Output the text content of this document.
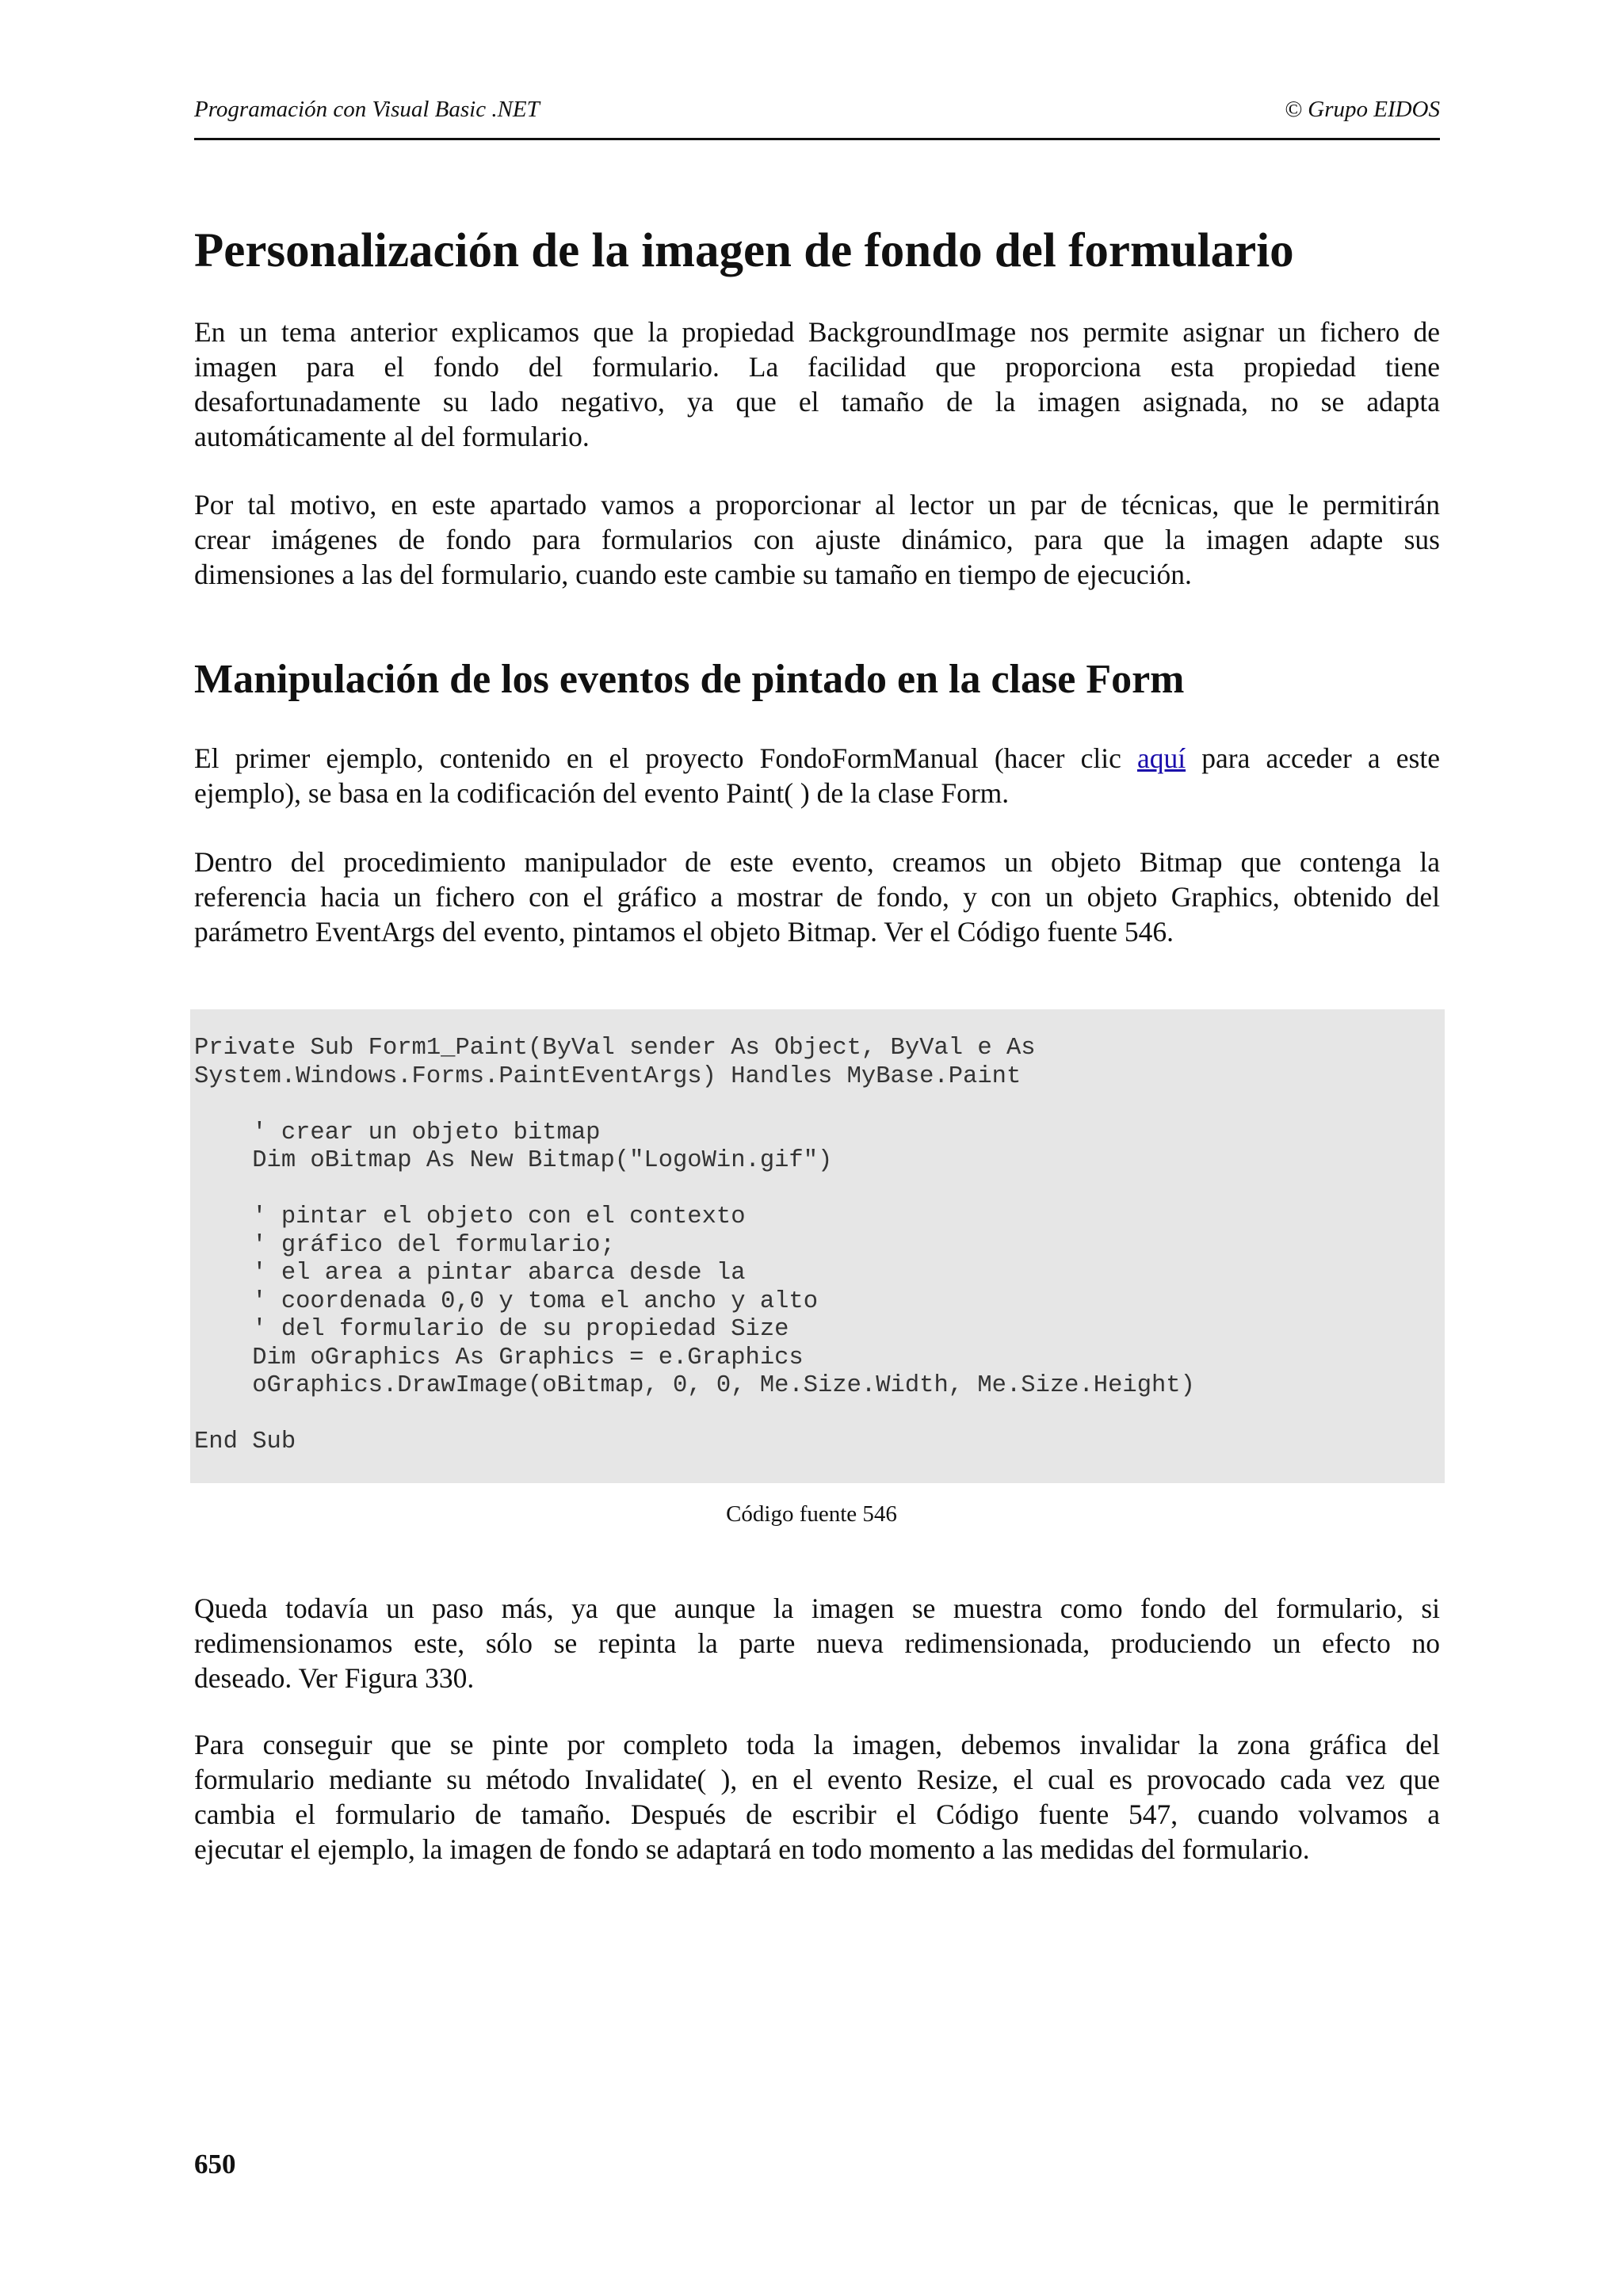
Programación con Visual Basic .NET	© Grupo EIDOS
Personalización de la imagen de fondo del formulario
En un tema anterior explicamos que la propiedad BackgroundImage nos permite asignar un fichero de
imagen para el fondo del formulario. La facilidad que proporciona esta propiedad tiene
desafortunadamente su lado negativo, ya que el tamaño de la imagen asignada, no se adapta
automáticamente al del formulario.
Por tal motivo, en este apartado vamos a proporcionar al lector un par de técnicas, que le permitirán
crear imágenes de fondo para formularios con ajuste dinámico, para que la imagen adapte sus
dimensiones a las del formulario, cuando este cambie su tamaño en tiempo de ejecución.
Manipulación de los eventos de pintado en la clase Form
El primer ejemplo, contenido en el proyecto FondoFormManual (hacer clic aquí para acceder a este
ejemplo), se basa en la codificación del evento Paint( ) de la clase Form.
Dentro del procedimiento manipulador de este evento, creamos un objeto Bitmap que contenga la
referencia hacia un fichero con el gráfico a mostrar de fondo, y con un objeto Graphics, obtenido del
parámetro EventArgs del evento, pintamos el objeto Bitmap. Ver el Código fuente 546.
Private Sub Form1_Paint(ByVal sender As Object, ByVal e As
System.Windows.Forms.PaintEventArgs) Handles MyBase.Paint

' crear un objeto bitmap
Dim oBitmap As New Bitmap("LogoWin.gif")

' pintar el objeto con el contexto
' gráfico del formulario;
' el area a pintar abarca desde la
' coordenada 0,0 y toma el ancho y alto
' del formulario de su propiedad Size
Dim oGraphics As Graphics = e.Graphics
oGraphics.DrawImage(oBitmap, 0, 0, Me.Size.Width, Me.Size.Height)

End Sub
Código fuente 546
Queda todavía un paso más, ya que aunque la imagen se muestra como fondo del formulario, si
redimensionamos este, sólo se repinta la parte nueva redimensionada, produciendo un efecto no
deseado. Ver Figura 330.
Para conseguir que se pinte por completo toda la imagen, debemos invalidar la zona gráfica del
formulario mediante su método Invalidate( ), en el evento Resize, el cual es provocado cada vez que
cambia el formulario de tamaño. Después de escribir el Código fuente 547, cuando volvamos a
ejecutar el ejemplo, la imagen de fondo se adaptará en todo momento a las medidas del formulario.
650
